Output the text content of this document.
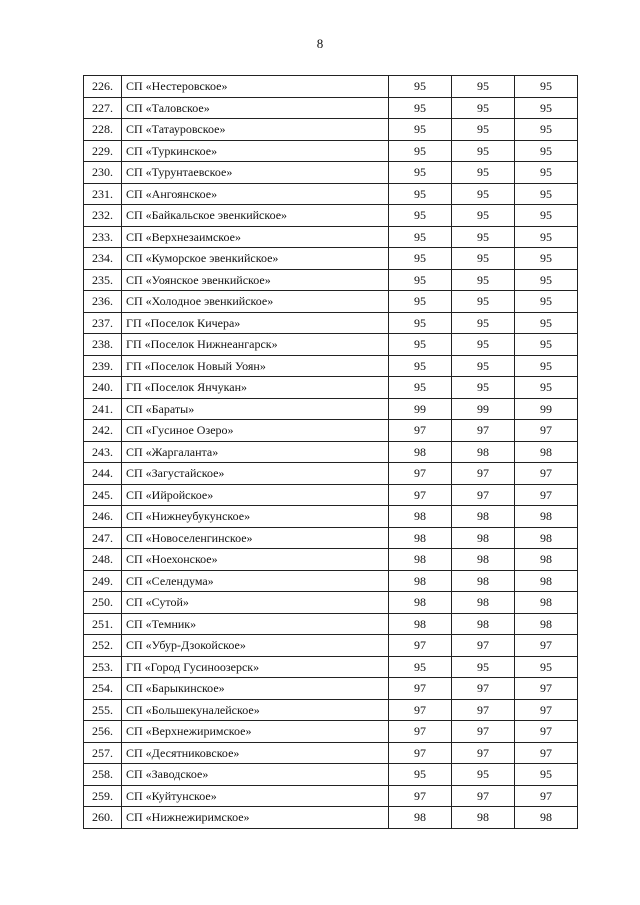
8
226.	СП «Нестеровское»	95	95	95
227.	СП «Таловское»	95	95	95
228.	СП «Татауровское»	95	95	95
229.	СП «Туркинское»	95	95	95
230.	СП «Турунтаевское»	95	95	95
231.	СП «Ангоянское»	95	95	95
232.	СП «Байкальское эвенкийское»	95	95	95
233.	СП «Верхнезаимское»	95	95	95
234.	СП «Куморское эвенкийское»	95	95	95
235.	СП «Уоянское эвенкийское»	95	95	95
236.	СП «Холодное эвенкийское»	95	95	95
237.	ГП «Поселок Кичера»	95	95	95
238.	ГП «Поселок Нижнеангарск»	95	95	95
239.	ГП «Поселок Новый Уоян»	95	95	95
240.	ГП «Поселок Янчукан»	95	95	95
241.	СП «Бараты»	99	99	99
242.	СП «Гусиное Озеро»	97	97	97
243.	СП «Жаргаланта»	98	98	98
244.	СП «Загустайское»	97	97	97
245.	СП «Ийройское»	97	97	97
246.	СП «Нижнеубукунское»	98	98	98
247.	СП «Новоселенгинское»	98	98	98
248.	СП «Ноехонское»	98	98	98
249.	СП «Селендума»	98	98	98
250.	СП «Сутой»	98	98	98
251.	СП «Темник»	98	98	98
252.	СП «Убур-Дзокойское»	97	97	97
253.	ГП «Город Гусиноозерск»	95	95	95
254.	СП «Барыкинское»	97	97	97
255.	СП «Большекуналейское»	97	97	97
256.	СП «Верхнежиримское»	97	97	97
257.	СП «Десятниковское»	97	97	97
258.	СП «Заводское»	95	95	95
259.	СП «Куйтунское»	97	97	97
260.	СП «Нижнежиримское»	98	98	98
